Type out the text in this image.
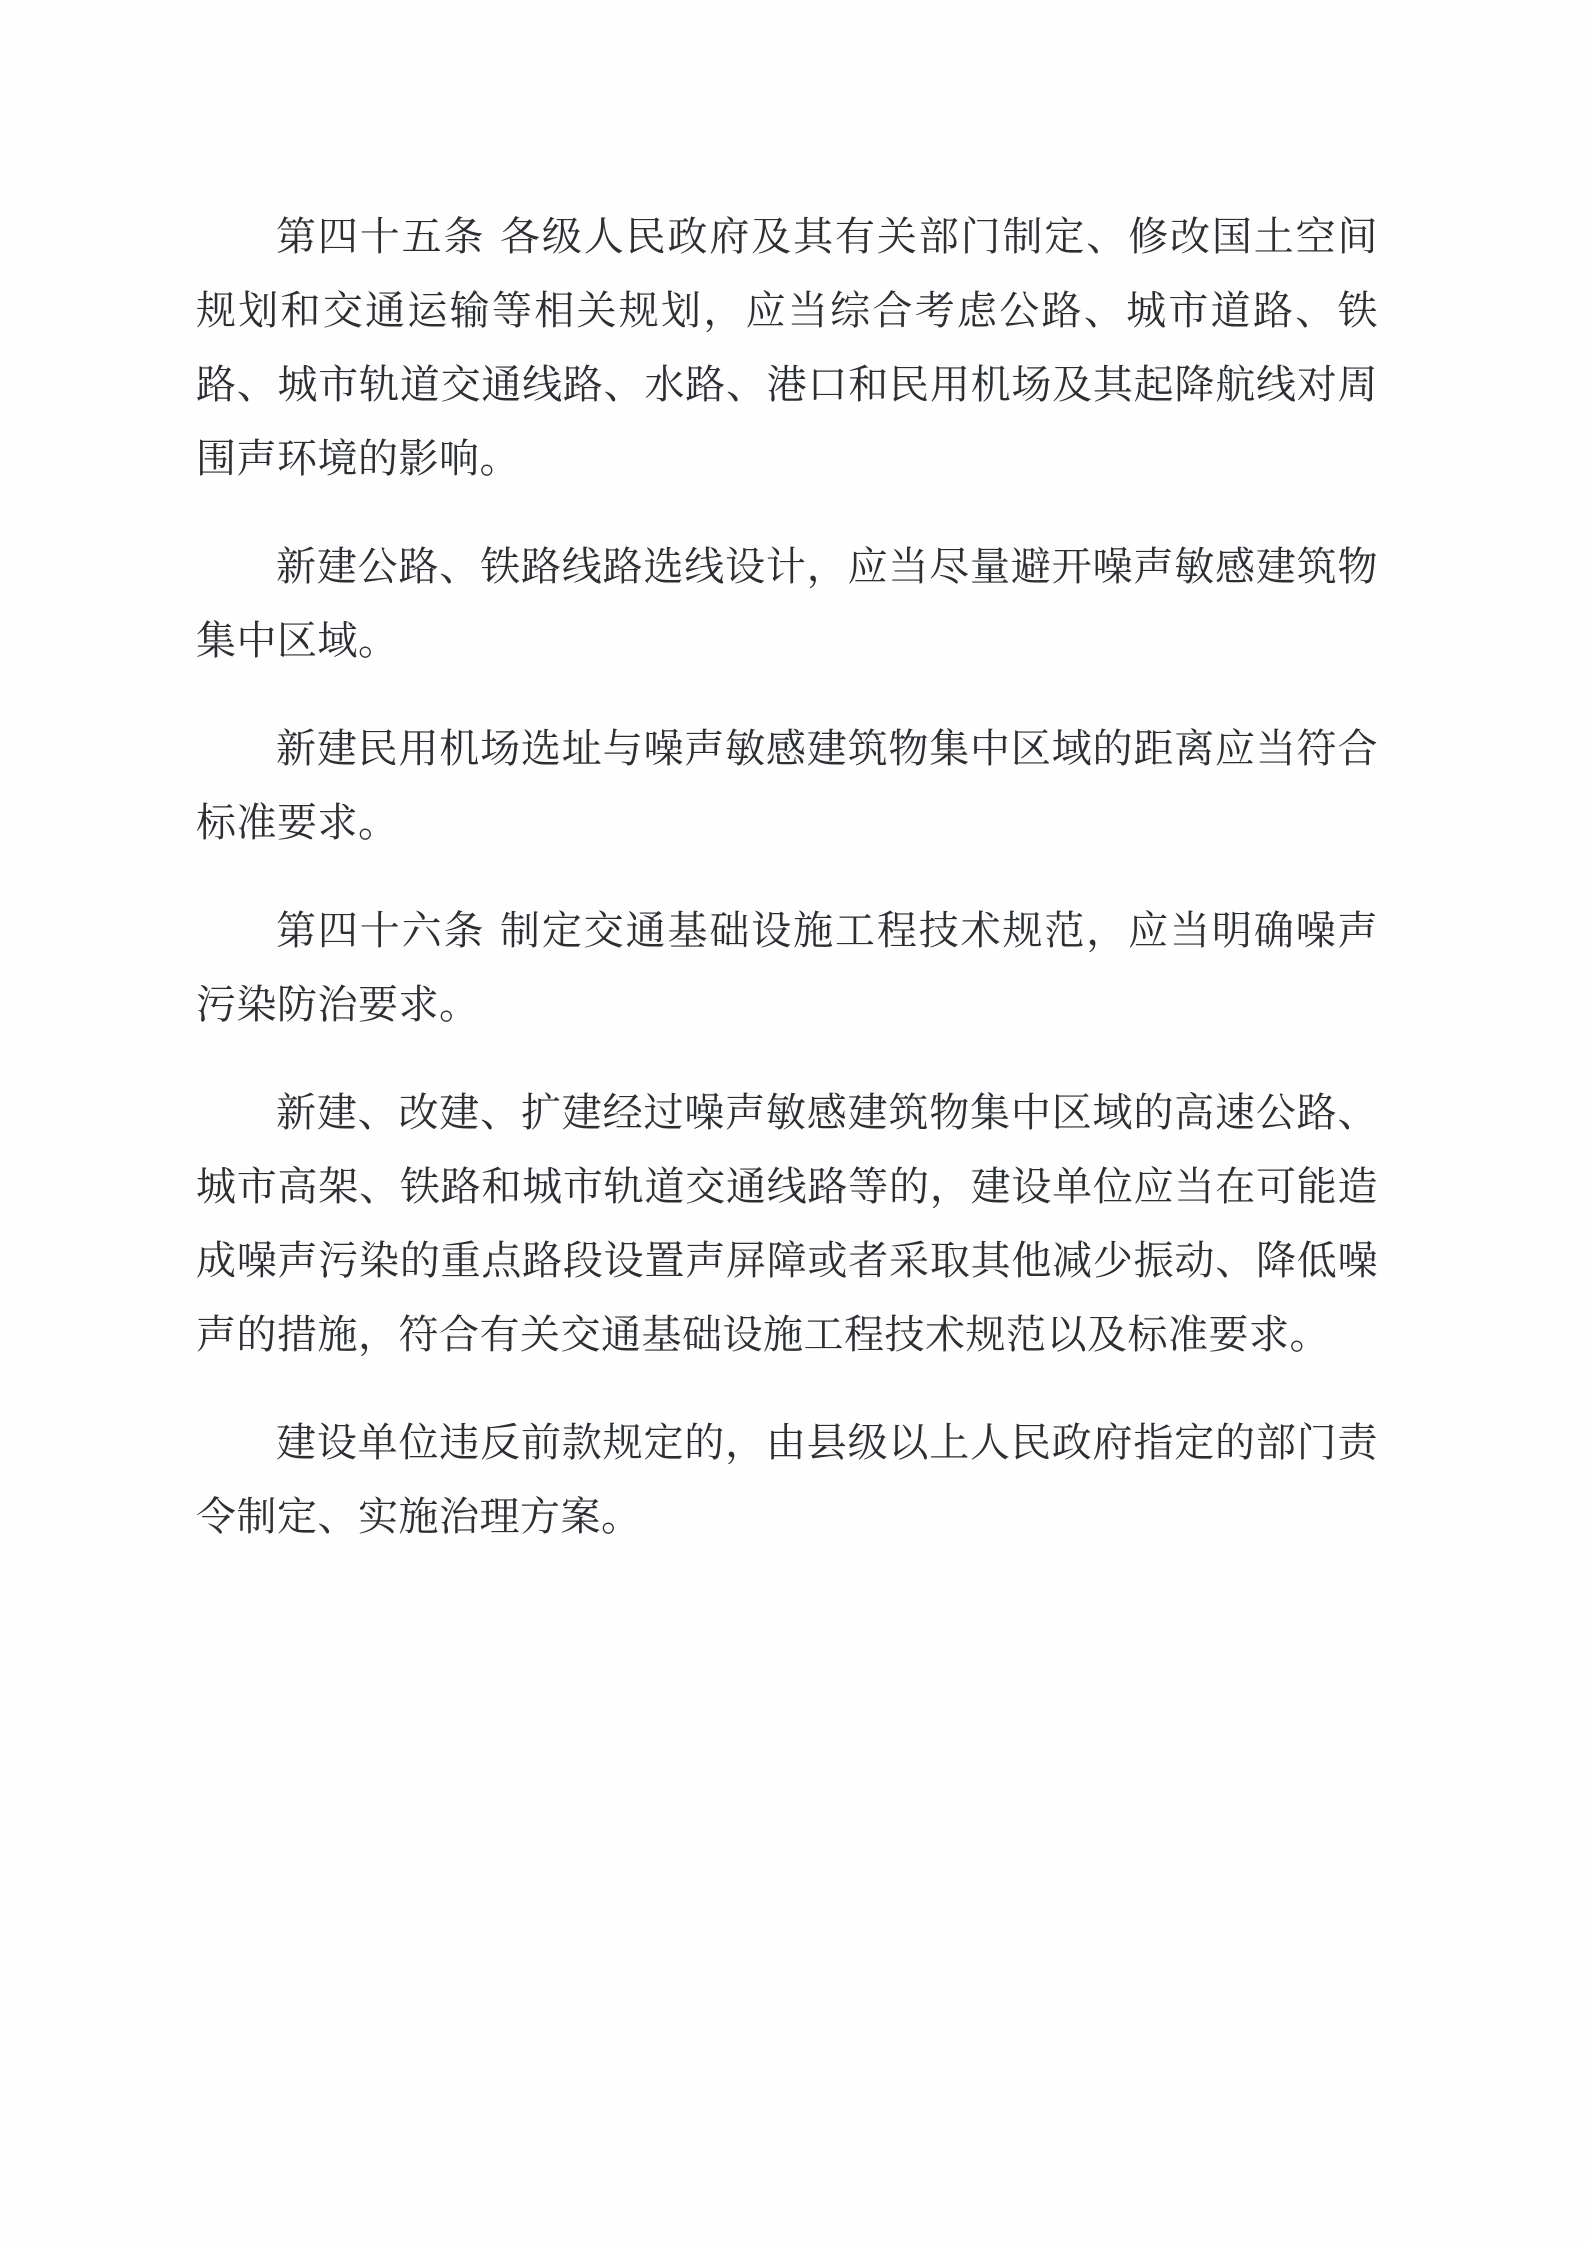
第四十五条 各级人民政府及其有关部门制定、修改国土空间规划和交通运输等相关规划，应当综合考虑公路、城市道路、铁路、城市轨道交通线路、水路、港口和民用机场及其起降航线对周围声环境的影响。

新建公路、铁路线路选线设计，应当尽量避开噪声敏感建筑物集中区域。

新建民用机场选址与噪声敏感建筑物集中区域的距离应当符合标准要求。

第四十六条 制定交通基础设施工程技术规范，应当明确噪声污染防治要求。

新建、改建、扩建经过噪声敏感建筑物集中区域的高速公路、城市高架、铁路和城市轨道交通线路等的，建设单位应当在可能造成噪声污染的重点路段设置声屏障或者采取其他减少振动、降低噪声的措施，符合有关交通基础设施工程技术规范以及标准要求。

建设单位违反前款规定的，由县级以上人民政府指定的部门责令制定、实施治理方案。
